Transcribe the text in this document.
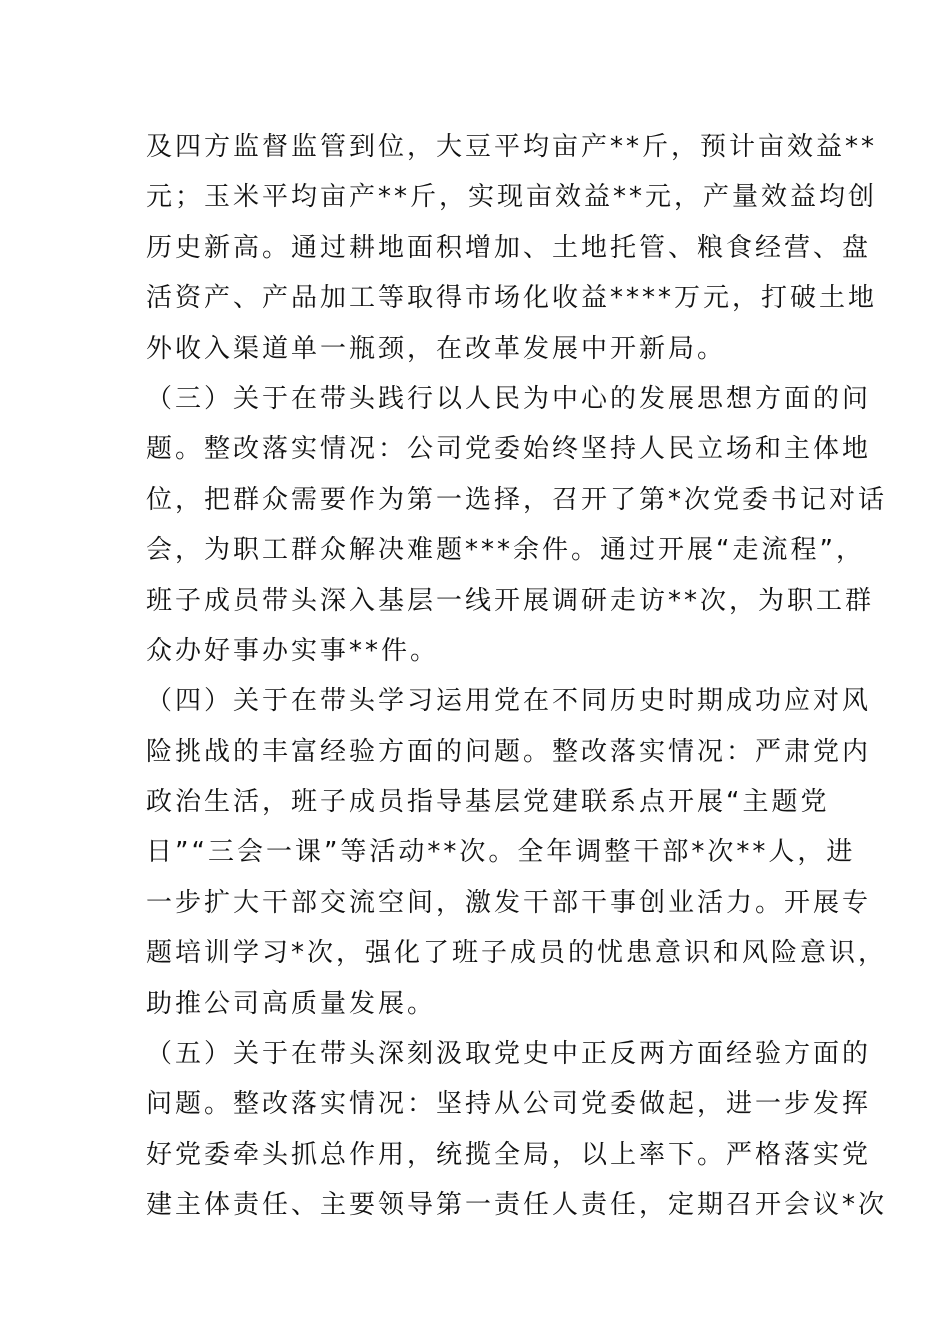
及四方监督监管到位，大豆平均亩产**斤，预计亩效益**
元；玉米平均亩产**斤，实现亩效益**元，产量效益均创
历史新高。通过耕地面积增加、土地托管、粮食经营、盘
活资产、产品加工等取得市场化收益****万元，打破土地
外收入渠道单一瓶颈，在改革发展中开新局。
（三）关于在带头践行以人民为中心的发展思想方面的问
题。整改落实情况：公司党委始终坚持人民立场和主体地
位，把群众需要作为第一选择，召开了第*次党委书记对话
会，为职工群众解决难题***余件。通过开展“走流程”，
班子成员带头深入基层一线开展调研走访**次，为职工群
众办好事办实事**件。
（四）关于在带头学习运用党在不同历史时期成功应对风
险挑战的丰富经验方面的问题。整改落实情况：严肃党内
政治生活，班子成员指导基层党建联系点开展“主题党
日”“三会一课”等活动**次。全年调整干部*次**人，进
一步扩大干部交流空间，激发干部干事创业活力。开展专
题培训学习*次，强化了班子成员的忧患意识和风险意识，
助推公司高质量发展。
（五）关于在带头深刻汲取党史中正反两方面经验方面的
问题。整改落实情况：坚持从公司党委做起，进一步发挥
好党委牵头抓总作用，统揽全局，以上率下。严格落实党
建主体责任、主要领导第一责任人责任，定期召开会议*次
